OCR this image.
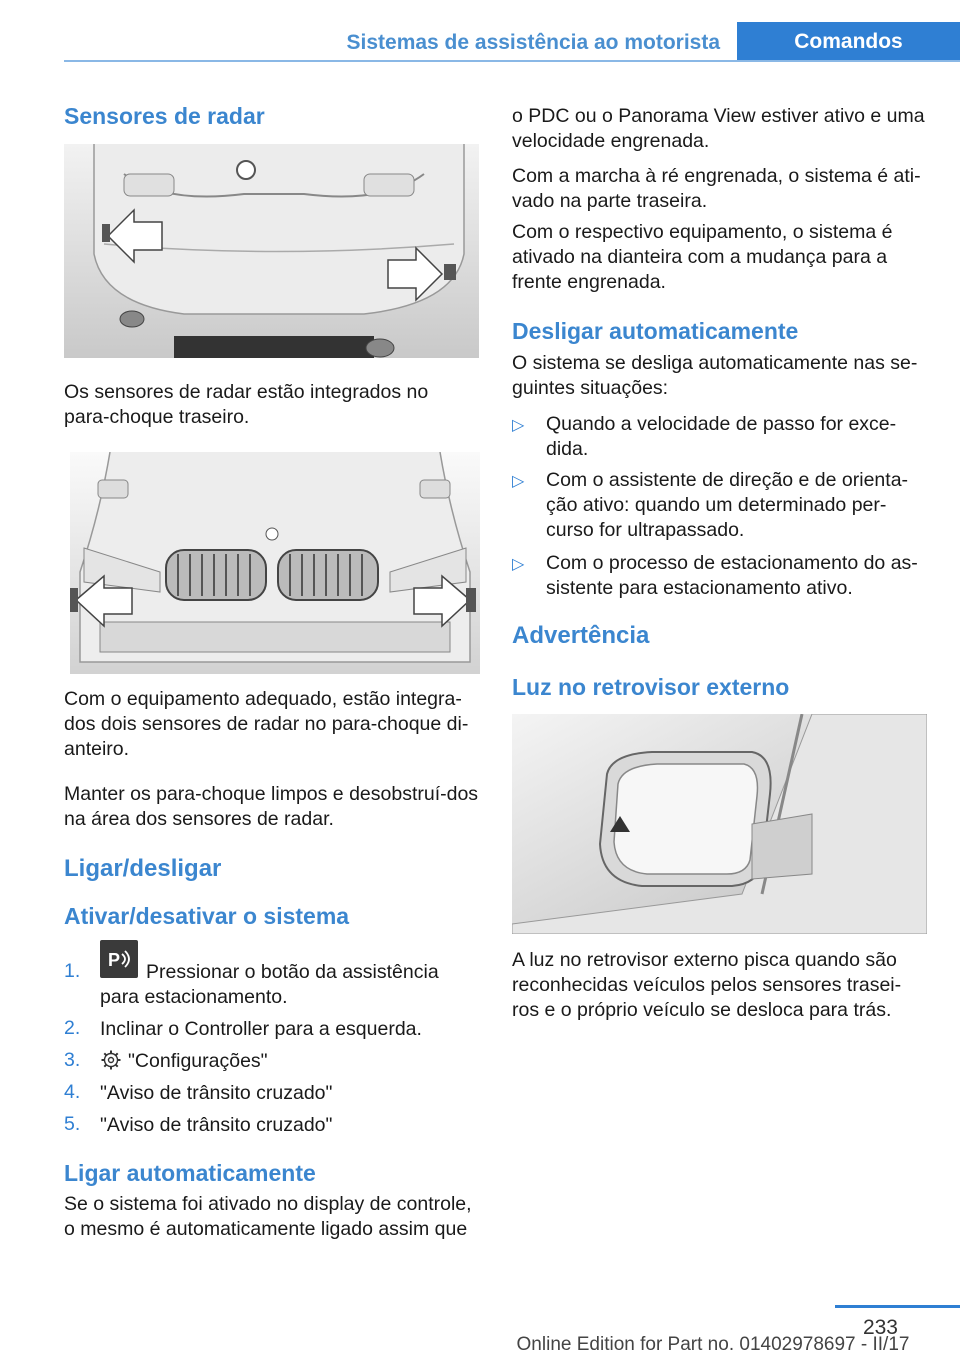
Sistemas de assistência ao motorista	Comandos
Sensores de radar
Os sensores de radar estão integrados no para-choque traseiro.
Com o equipamento adequado, estão integra-dos dois sensores de radar no para-choque di-anteiro.
Manter os para-choque limpos e desobstruí-dos na área dos sensores de radar.
Ligar/desligar
Ativar/desativar o sistema
1. P
Pressionar o botão da assistência para estacionamento.
2. Inclinar o Controller para a esquerda.
3. "Configurações"
4. "Aviso de trânsito cruzado"
5. "Aviso de trânsito cruzado"
Ligar automaticamente
Se o sistema foi ativado no display de controle, o mesmo é automaticamente ligado assim que
o PDC ou o Panorama View estiver ativo e uma velocidade engrenada.
Com a marcha à ré engrenada, o sistema é ati-vado na parte traseira.
Com o respectivo equipamento, o sistema é ativado na dianteira com a mudança para a frente engrenada.
Desligar automaticamente
O sistema se desliga automaticamente nas se-guintes situações:
▷ Quando a velocidade de passo for exce-dida.
▷ Com o assistente de direção e de orienta-ção ativo: quando um determinado per-curso for ultrapassado.
▷ Com o processo de estacionamento do as-sistente para estacionamento ativo.
Advertência
Luz no retrovisor externo
A luz no retrovisor externo pisca quando são reconhecidas veículos pelos sensores trasei-ros e o próprio veículo se desloca para trás.
233
Online Edition for Part no. 01402978697 - II/17
